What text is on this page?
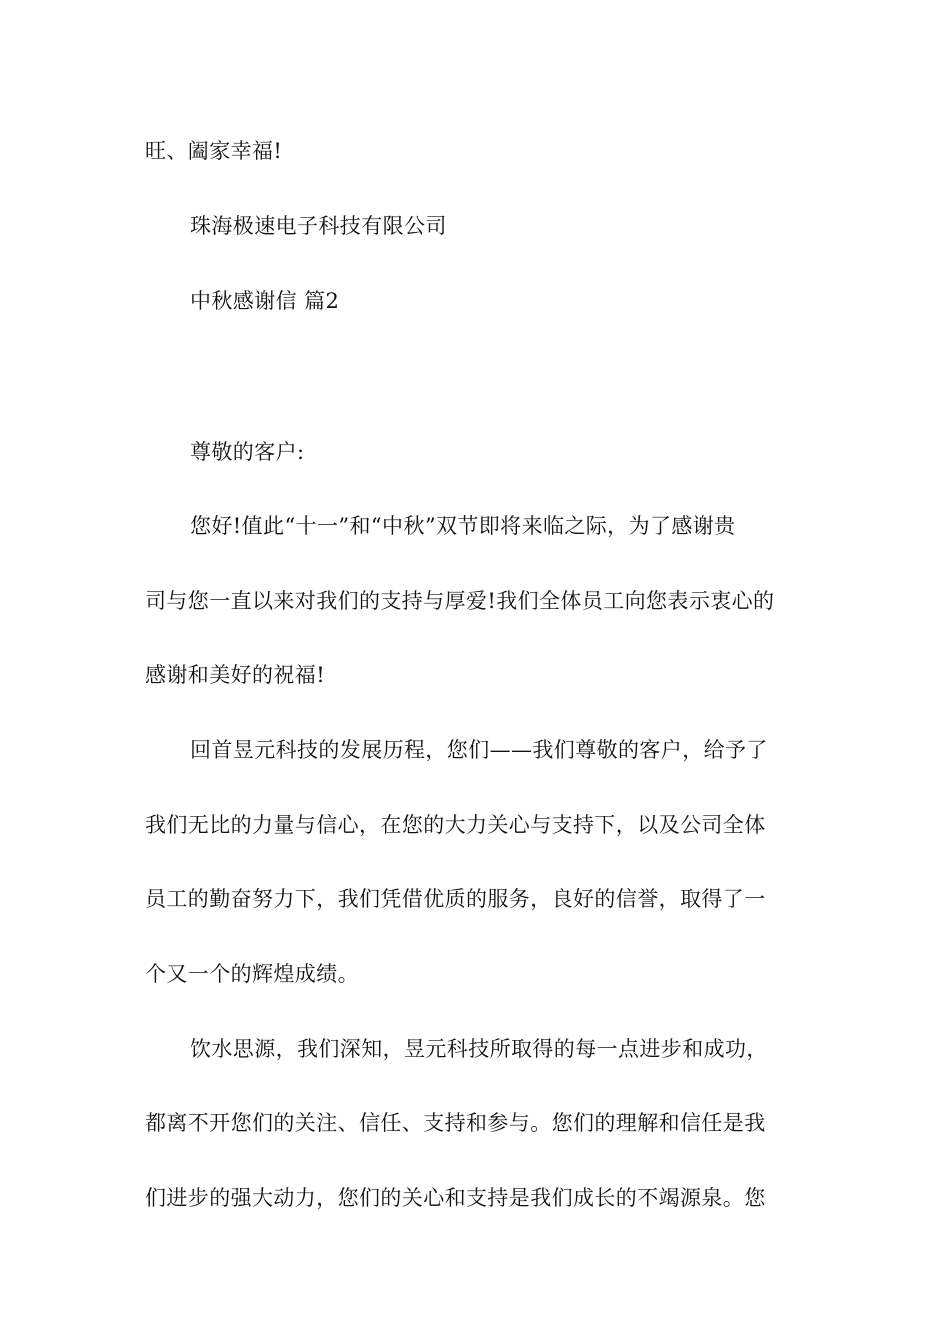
旺、阖家幸福!
珠海极速电子科技有限公司
中秋感谢信 篇2
尊敬的客户:
您好!值此“十一”和“中秋”双节即将来临之际，为了感谢贵
司与您一直以来对我们的支持与厚爱!我们全体员工向您表示衷心的
感谢和美好的祝福!
回首昱元科技的发展历程，您们——我们尊敬的客户，给予了
我们无比的力量与信心，在您的大力关心与支持下，以及公司全体
员工的勤奋努力下，我们凭借优质的服务，良好的信誉，取得了一
个又一个的辉煌成绩。
饮水思源，我们深知，昱元科技所取得的每一点进步和成功，
都离不开您们的关注、信任、支持和参与。您们的理解和信任是我
们进步的强大动力，您们的关心和支持是我们成长的不竭源泉。您
